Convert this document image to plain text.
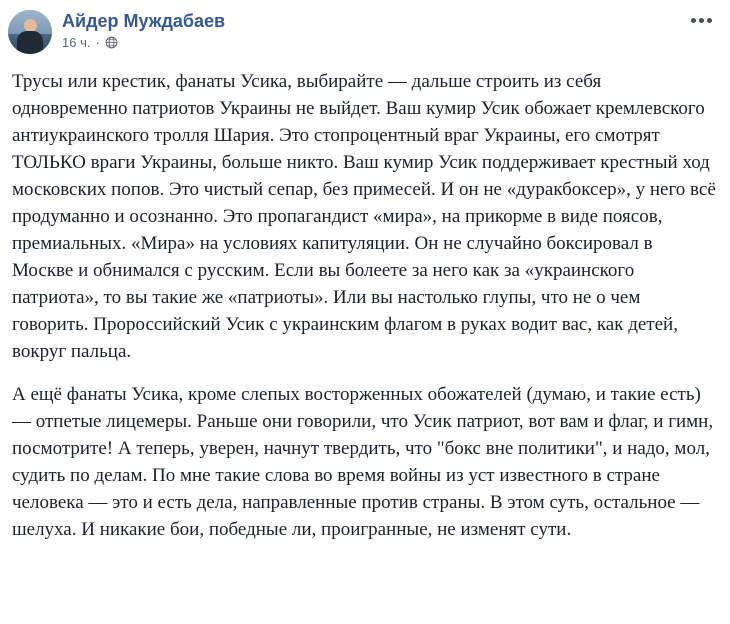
Айдер Муждабаев
16 ч. ·

Трусы или крестик, фанаты Усика, выбирайте — дальше строить из себя одновременно патриотов Украины не выйдет. Ваш кумир Усик обожает кремлевского антиукраинского тролля Шария. Это стопроцентный враг Украины, его смотрят ТОЛЬКО враги Украины, больше никто. Ваш кумир Усик поддерживает крестный ход московских попов. Это чистый сепар, без примесей. И он не «дуракбоксер», у него всё продуманно и осознанно. Это пропагандист «мира», на прикорме в виде поясов, премиальных. «Мира» на условиях капитуляции. Он не случайно боксировал в Москве и обнимался с русским. Если вы болеете за него как за «украинского патриота», то вы такие же «патриоты». Или вы настолько глупы, что не о чем говорить. Пророссийский Усик с украинским флагом в руках водит вас, как детей, вокруг пальца.

А ещё фанаты Усика, кроме слепых восторженных обожателей (думаю, и такие есть) — отпетые лицемеры. Раньше они говорили, что Усик патриот, вот вам и флаг, и гимн, посмотрите! А теперь, уверен, начнут твердить, что "бокс вне политики", и надо, мол, судить по делам. По мне такие слова во время войны из уст известного в стране человека — это и есть дела, направленные против страны. В этом суть, остальное — шелуха. И никакие бои, победные ли, проигранные, не изменят сути.
